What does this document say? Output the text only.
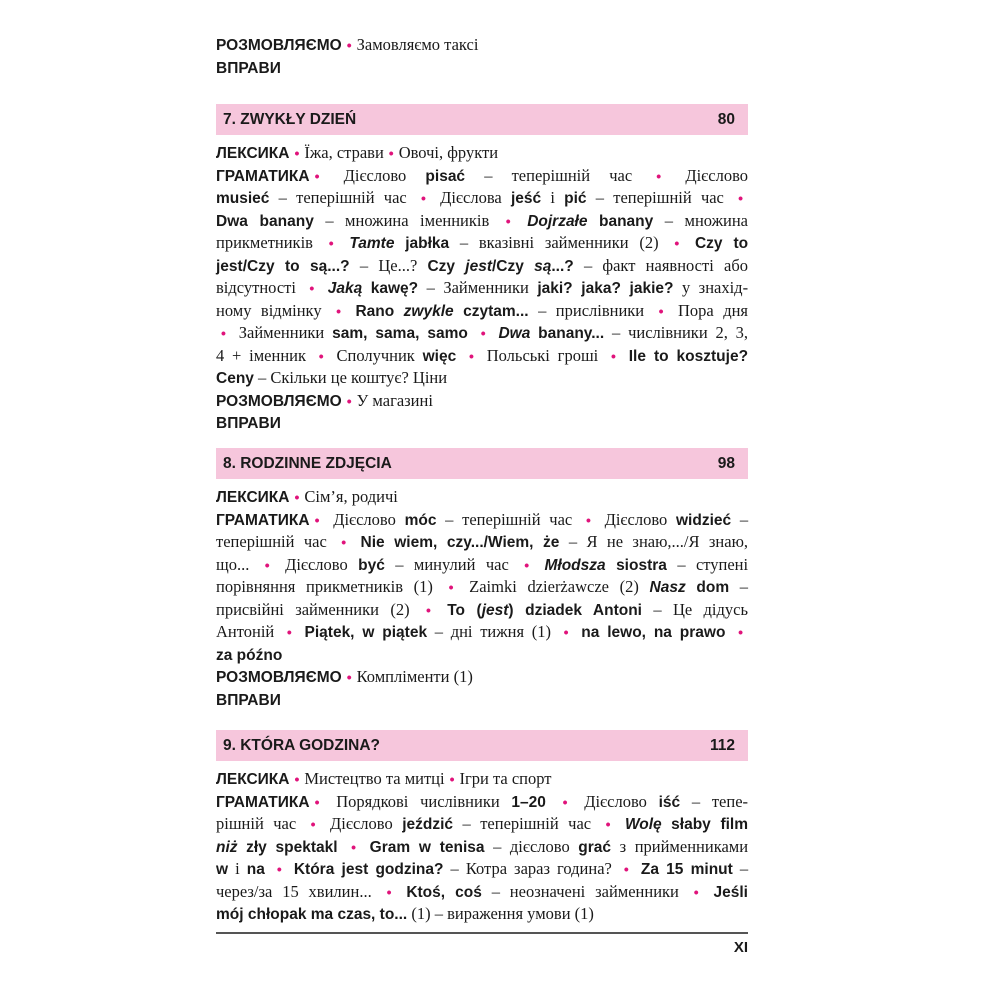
РОЗМОВЛЯЄМО • Замовляємо таксі
ВПРАВИ
7. ZWYKŁY DZIEŃ	80
ЛЕКСИКА • Їжа, страви • Овочі, фрукти
ГРАМАТИКА • Дієслово pisać – теперішній час • Дієслово
musieć – теперішній час • Дієслова jeść і pić – теперішній час •
Dwa banany – множина іменників • Dojrzałe banany – множина
прикметників • Tamte jabłka – вказівні займенники (2) • Czy to
jest/Czy to są...? – Це...? Czy jest/Czy są...? – факт наявності або
відсутності • Jaką kawę? – Займенники jaki? jaka? jakie? у знахід-
ному відмінку • Rano zwykle czytam... – прислівники • Пора дня
• Займенники sam, sama, samo • Dwa banany... – числівники 2, 3,
4 + іменник • Сполучник więc • Польські гроші • Ile to kosztuje?
Ceny – Скільки це коштує? Ціни
РОЗМОВЛЯЄМО • У магазині
ВПРАВИ
8. RODZINNE ZDJĘCIA	98
ЛЕКСИКА • Сім’я, родичі
ГРАМАТИКА • Дієслово móc – теперішній час • Дієслово widzieć –
теперішній час • Nie wiem, czy.../Wiem, że – Я не знаю,.../Я знаю,
що... • Дієслово być – минулий час • Młodsza siostra – ступені
порівняння прикметників (1) • Zaimki dzierżawcze (2) Nasz dom –
присвійні займенники (2) • To (jest) dziadek Antoni – Це дідусь
Антоній • Piątek, w piątek – дні тижня (1) • na lewo, na prawo •
za późno
РОЗМОВЛЯЄМО • Компліменти (1)
ВПРАВИ
9. KTÓRA GODZINA?	112
ЛЕКСИКА • Мистецтво та митці • Ігри та спорт
ГРАМАТИКА • Порядкові числівники 1–20 • Дієслово iść – тепе-
рішній час • Дієслово jeździć – теперішній час • Wolę słaby film
niż zły spektakl • Gram w tenisa – дієслово grać з прийменниками
w і na • Która jest godzina? – Котра зараз година? • Za 15 minut –
через/за 15 хвилин... • Ktoś, coś – неозначені займенники • Jeśli
mój chłopak ma czas, to... (1) – вираження умови (1)
XI
